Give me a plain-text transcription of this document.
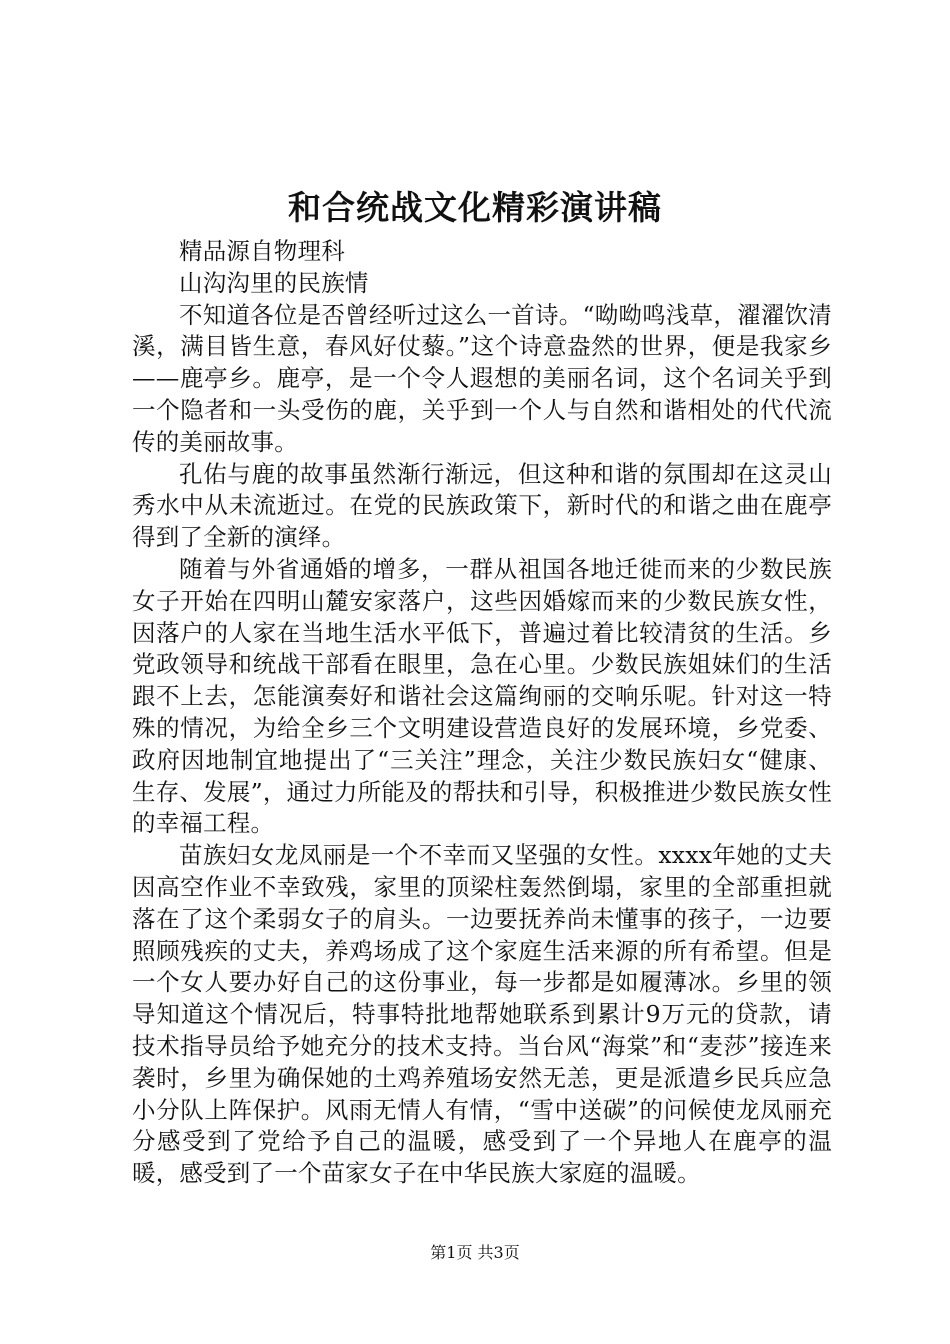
和合统战文化精彩演讲稿

精品源自物理科

山沟沟里的民族情

不知道各位是否曾经听过这么一首诗。“呦呦鸣浅草，濯濯饮清溪，满目皆生意，春风好仗藜。”这个诗意盎然的世界，便是我家乡——鹿亭乡。鹿亭，是一个令人遐想的美丽名词，这个名词关乎到一个隐者和一头受伤的鹿，关乎到一个人与自然和谐相处的代代流传的美丽故事。

孔佑与鹿的故事虽然渐行渐远，但这种和谐的氛围却在这灵山秀水中从未流逝过。在党的民族政策下，新时代的和谐之曲在鹿亭得到了全新的演绎。

随着与外省通婚的增多，一群从祖国各地迁徙而来的少数民族女子开始在四明山麓安家落户，这些因婚嫁而来的少数民族女性，因落户的人家在当地生活水平低下，普遍过着比较清贫的生活。乡党政领导和统战干部看在眼里，急在心里。少数民族姐妹们的生活跟不上去，怎能演奏好和谐社会这篇绚丽的交响乐呢。针对这一特殊的情况，为给全乡三个文明建设营造良好的发展环境，乡党委、政府因地制宜地提出了“三关注”理念，关注少数民族妇女“健康、生存、发展”，通过力所能及的帮扶和引导，积极推进少数民族女性的幸福工程。

苗族妇女龙凤丽是一个不幸而又坚强的女性。xxxx年她的丈夫因高空作业不幸致残，家里的顶梁柱轰然倒塌，家里的全部重担就落在了这个柔弱女子的肩头。一边要抚养尚未懂事的孩子，一边要照顾残疾的丈夫，养鸡场成了这个家庭生活来源的所有希望。但是一个女人要办好自己的这份事业，每一步都是如履薄冰。乡里的领导知道这个情况后，特事特批地帮她联系到累计9万元的贷款，请技术指导员给予她充分的技术支持。当台风“海棠”和“麦莎”接连来袭时，乡里为确保她的土鸡养殖场安然无恙，更是派遣乡民兵应急小分队上阵保护。风雨无情人有情，“雪中送碳”的问候使龙凤丽充分感受到了党给予自己的温暖，感受到了一个异地人在鹿亭的温暖，感受到了一个苗家女子在中华民族大家庭的温暖。

第1页 共3页
